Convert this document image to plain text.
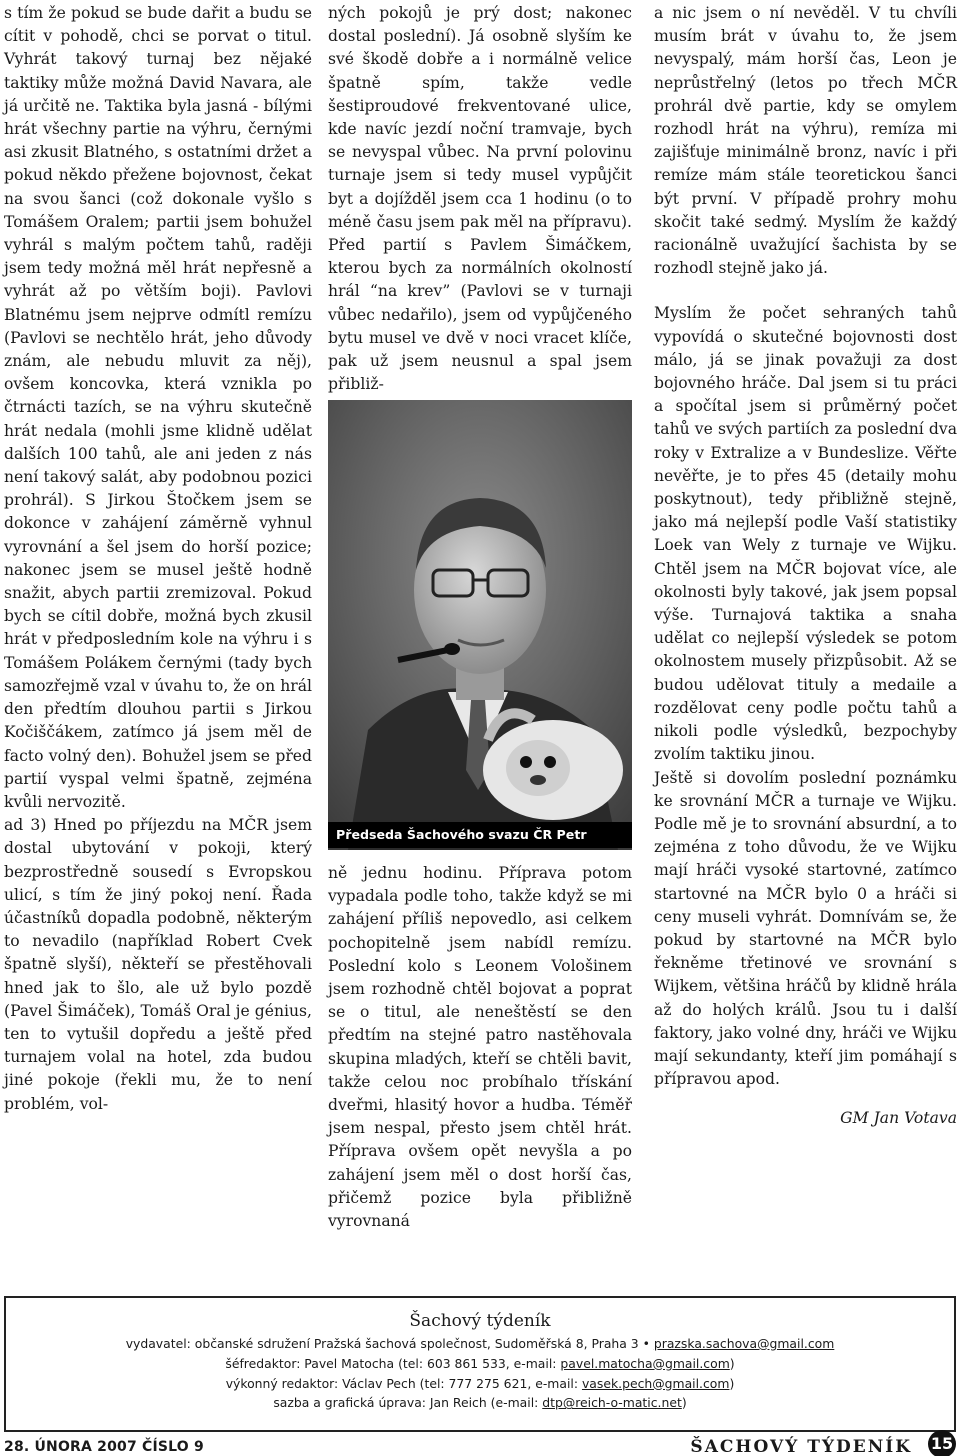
s tím že pokud se bude dařit a budu se cítit v pohodě, chci se porvat o titul. Vyhrát takový turnaj bez nějaké taktiky může možná David Navara, ale já určitě ne. Taktika byla jasná - bílými hrát všechny partie na výhru, černými asi zkusit Blatného, s ostatními držet a pokud někdo přežene bojovnost, čekat na svou šanci (což dokonale vyšlo s Tomášem Oralem; partii jsem bohužel vyhrál s malým počtem tahů, raději jsem tedy možná měl hrát nepřesně a vyhrát až po větším boji). Pavlovi Blatnému jsem nejprve odmítl remízu (Pavlovi se nechtělo hrát, jeho důvody znám, ale nebudu mluvit za něj), ovšem koncovka, která vznikla po čtrnácti tazích, se na výhru skutečně hrát nedala (mohli jsme klidně udělat dalších 100 tahů, ale ani jeden z nás není takový salát, aby podobnou pozici prohrál). S Jirkou Štočkem jsem se dokonce v zahájení záměrně vyhnul vyrovnání a šel jsem do horší pozice; nakonec jsem se musel ještě hodně snažit, abych partii zremizoval. Pokud bych se cítil dobře, možná bych zkusil hrát v předposledním kole na výhru i s Tomášem Polákem černými (tady bych samozřejmě vzal v úvahu to, že on hrál den předtím dlouhou partii s Jirkou Kočiščákem, zatímco já jsem měl de facto volný den). Bohužel jsem se před partií vyspal velmi špatně, zejména kvůli nervozitě.

ad 3) Hned po příjezdu na MČR jsem dostal ubytování v pokoji, který bezprostředně sousedí s Evropskou ulicí, s tím že jiný pokoj není. Řada účastníků dopadla podobně, některým to nevadilo (například Robert Cvek špatně slyší), někteří se přestěhovali hned jak to šlo, ale už bylo pozdě (Pavel Šimáček), Tomáš Oral je génius, ten to vytušil dopředu a ještě před turnajem volal na hotel, zda budou jiné pokoje (řekli mu, že to není problém, vol-

ných pokojů je prý dost; nakonec dostal poslední). Já osobně slyším ke své škodě dobře a i normálně velice špatně spím, takže vedle šestiproudové frekventované ulice, kde navíc jezdí noční tramvaje, bych se nevyspal vůbec. Na první polovinu turnaje jsem si tedy musel vypůjčit byt a dojížděl jsem cca 1 hodinu (o to méně času jsem pak měl na přípravu). Před partií s Pavlem Šimáčkem, kterou bych za normálních okolností hrál “na krev” (Pavlovi se v turnaji vůbec nedařilo), jsem od vypůjčeného bytu musel ve dvě v noci vracet klíče, pak už jsem neusnul a spal jsem přibliž-

Předseda Šachového svazu ČR Petr Herejk

ně jednu hodinu. Příprava potom vypadala podle toho, takže když se mi zahájení příliš nepovedlo, asi celkem pochopitelně jsem nabídl remízu. Poslední kolo s Leonem Vološinem jsem rozhodně chtěl bojovat a poprat se o titul, ale neneštěstí se den předtím na stejné patro nastěhovala skupina mladých, kteří se chtěli bavit, takže celou noc probíhalo třískání dveřmi, hlasitý hovor a hudba. Téměř jsem nespal, přesto jsem chtěl hrát. Příprava ovšem opět nevyšla a po zahájení jsem měl o dost horší čas, přičemž pozice byla přibližně vyrovnaná

a nic jsem o ní nevěděl. V tu chvíli musím brát v úvahu to, že jsem nevyspalý, mám horší čas, Leon je neprůstřelný (letos po třech MČR prohrál dvě partie, kdy se omylem rozhodl hrát na výhru), remíza mi zajišťuje minimálně bronz, navíc i při remíze mám stále teoretickou šanci být první. V případě prohry mohu skočit také sedmý. Myslím že každý racionálně uvažující šachista by se rozhodl stejně jako já.

Myslím že počet sehraných tahů vypovídá o skutečné bojovnosti dost málo, já se jinak považuji za dost bojovného hráče. Dal jsem si tu práci a spočítal jsem si průměrný počet tahů ve svých partiích za poslední dva roky v Extralize a v Bundeslize. Věřte nevěřte, je to přes 45 (detaily mohu poskytnout), tedy přibližně stejně, jako má nejlepší podle Vaší statistiky Loek van Wely z turnaje ve Wijku. Chtěl jsem na MČR bojovat více, ale okolnosti byly takové, jak jsem popsal výše. Turnajová taktika a snaha udělat co nejlepší výsledek se potom okolnostem musely přizpůsobit. Až se budou udělovat tituly a medaile a rozdělovat ceny podle počtu tahů a nikoli podle výsledků, bezpochyby zvolím taktiku jinou.

Ještě si dovolím poslední poznámku ke srovnání MČR a turnaje ve Wijku. Podle mě je to srovnání absurdní, a to zejména z toho důvodu, že ve Wijku mají hráči vysoké startovné, zatímco startovné na MČR bylo 0 a hráči si ceny museli vyhrát. Domnívám se, že pokud by startovné na MČR bylo řekněme třetinové ve srovnání s Wijkem, většina hráčů by klidně hrála až do holých králů. Jsou tu i další faktory, jako volné dny, hráči ve Wijku mají sekundanty, kteří jim pomáhají s přípravou apod.

GM Jan Votava

Šachový týdeník
vydavatel: občanské sdružení Pražská šachová společnost, Sudoměřská 8, Praha 3 • prazska.sachova@gmail.com
šéfredaktor: Pavel Matocha (tel: 603 861 533, e-mail: pavel.matocha@gmail.com)
výkonný redaktor: Václav Pech (tel: 777 275 621, e-mail: vasek.pech@gmail.com)
sazba a grafická úprava: Jan Reich (e-mail: dtp@reich-o-matic.net)
28. ÚNORA 2007 ČÍSLO 9	ŠACHOVÝ TÝDENÍK 15
